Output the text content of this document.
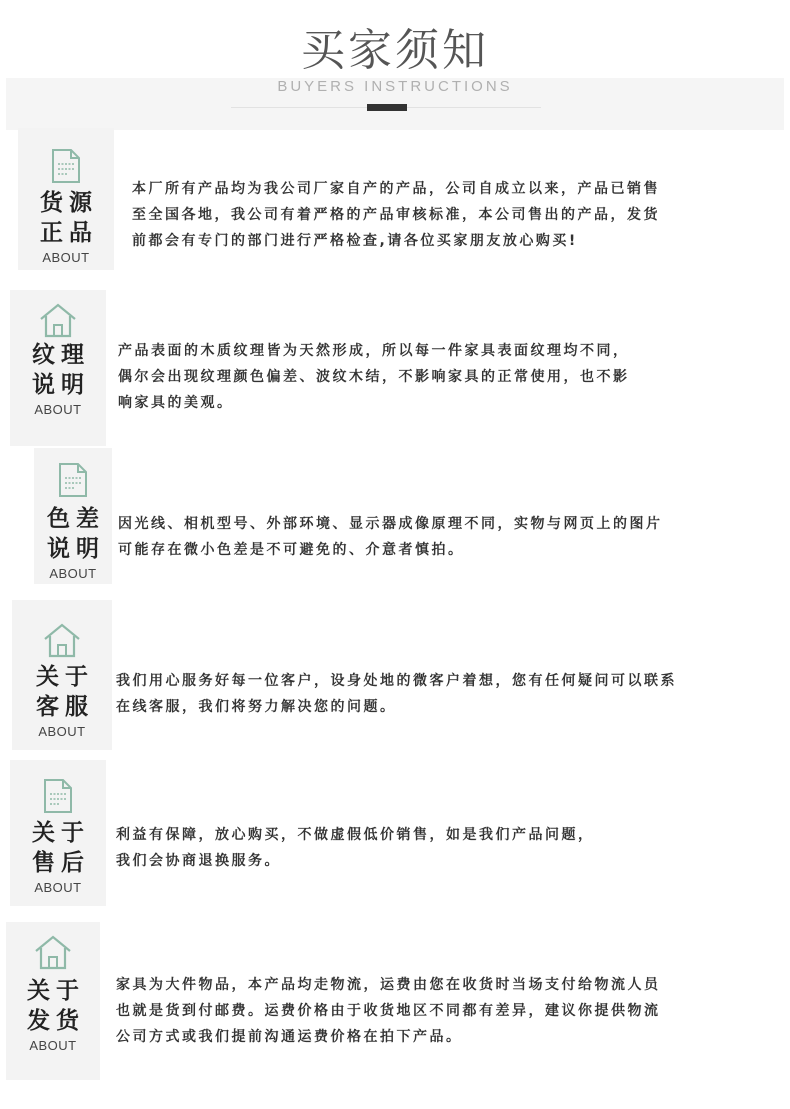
买家须知
BUYERS INSTRUCTIONS
货源
正品
ABOUT

本厂所有产品均为我公司厂家自产的产品，公司自成立以来，产品已销售

至全国各地，我公司有着严格的产品审核标准，本公司售出的产品，发货

前都会有专门的部门进行严格检查,请各位买家朋友放心购买!

纹理
说明
ABOUT

产品表面的木质纹理皆为天然形成，所以每一件家具表面纹理均不同，

偶尔会出现纹理颜色偏差、波纹木结，不影响家具的正常使用，也不影

响家具的美观。

色差
说明
ABOUT

因光线、相机型号、外部环境、显示器成像原理不同，实物与网页上的图片

可能存在微小色差是不可避免的、介意者慎拍。

关于
客服
ABOUT

我们用心服务好每一位客户，设身处地的微客户着想，您有任何疑问可以联系

在线客服，我们将努力解决您的问题。

关于
售后
ABOUT

利益有保障，放心购买，不做虚假低价销售，如是我们产品问题，

我们会协商退换服务。

关于
发货
ABOUT

家具为大件物品，本产品均走物流，运费由您在收货时当场支付给物流人员

也就是货到付邮费。运费价格由于收货地区不同都有差异，建议你提供物流

公司方式或我们提前沟通运费价格在拍下产品。
